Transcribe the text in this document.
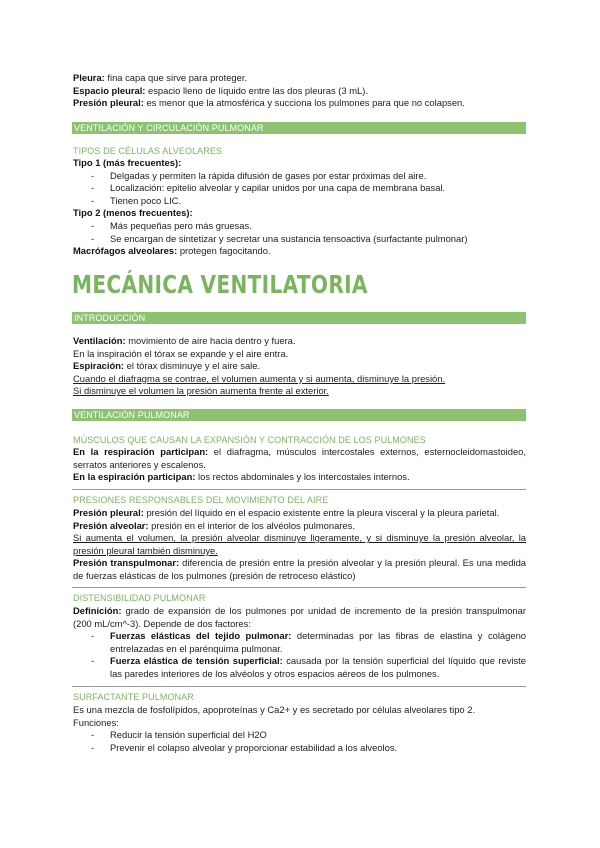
Pleura: fina capa que sirve para proteger.

Espacio pleural: espacio lleno de líquido entre las dos pleuras (3 mL).

Presión pleural: es menor que la atmosférica y succiona los pulmones para que no colapsen.

VENTILACIÓN Y CIRCULACIÓN PULMONAR
TIPOS DE CÉLULAS ALVEOLARES

Tipo 1 (más frecuentes):

- Delgadas y permiten la rápida difusión de gases por estar próximas del aire.
- Localización: epitelio alveolar y capilar unidos por una capa de membrana basal.
- Tienen poco LIC.

Tipo 2 (menos frecuentes):

- Más pequeñas pero más gruesas.
- Se encargan de sintetizar y secretar una sustancia tensoactiva (surfactante pulmonar)

Macrófagos alveolares: protegen fagocitando.

MECÁNICA VENTILATORIA
INTRODUCCIÓN

Ventilación: movimiento de aire hacia dentro y fuera.

En la inspiración el tórax se expande y el aire entra.

Espiración: el tórax disminuye y el aire sale.

Cuando el diafragma se contrae, el volumen aumenta y si aumenta, disminuye la presión.

Si disminuye el volumen la presión aumenta frente al exterior.

VENTILACIÓN PULMONAR
MÚSCULOS QUE CAUSAN LA EXPANSIÓN Y CONTRACCIÓN DE LOS PULMONES

En la respiración participan: el diafragma, músculos intercostales externos, esternocleidomastoideo, serratos anteriores y escalenos.

En la espiración participan: los rectos abdominales y los intercostales internos.

PRESIONES RESPONSABLES DEL MOVIMIENTO DEL AIRE

Presión pleural: presión del líquido en el espacio existente entre la pleura visceral y la pleura parietal.

Presión alveolar: presión en el interior de los alvéolos pulmonares.

Si aumenta el volumen, la presión alveolar disminuye ligeramente, y si disminuye la presión alveolar, la presión pleural también disminuye.

Presión transpulmonar: diferencia de presión entre la presión alveolar y la presión pleural. Es una medida de fuerzas elásticas de los pulmones (presión de retroceso elástico)

DISTENSIBILIDAD PULMONAR

Definición: grado de expansión de los pulmones por unidad de incremento de la presión transpulmonar (200 mL/cm^-3). Depende de dos factores:

- Fuerzas elásticas del tejido pulmonar: determinadas por las fibras de elastina y colágeno entrelazadas en el parénquima pulmonar.
- Fuerza elástica de tensión superficial: causada por la tensión superficial del líquido que reviste las paredes interiores de los alvéolos y otros espacios aéreos de los pulmones.
SURFACTANTE PULMONAR

Es una mezcla de fosfolípidos, apoproteínas y Ca2+ y es secretado por células alveolares tipo 2.

Funciones:

- Reducir la tensión superficial del H2O
- Prevenir el colapso alveolar y proporcionar estabilidad a los alveolos.
